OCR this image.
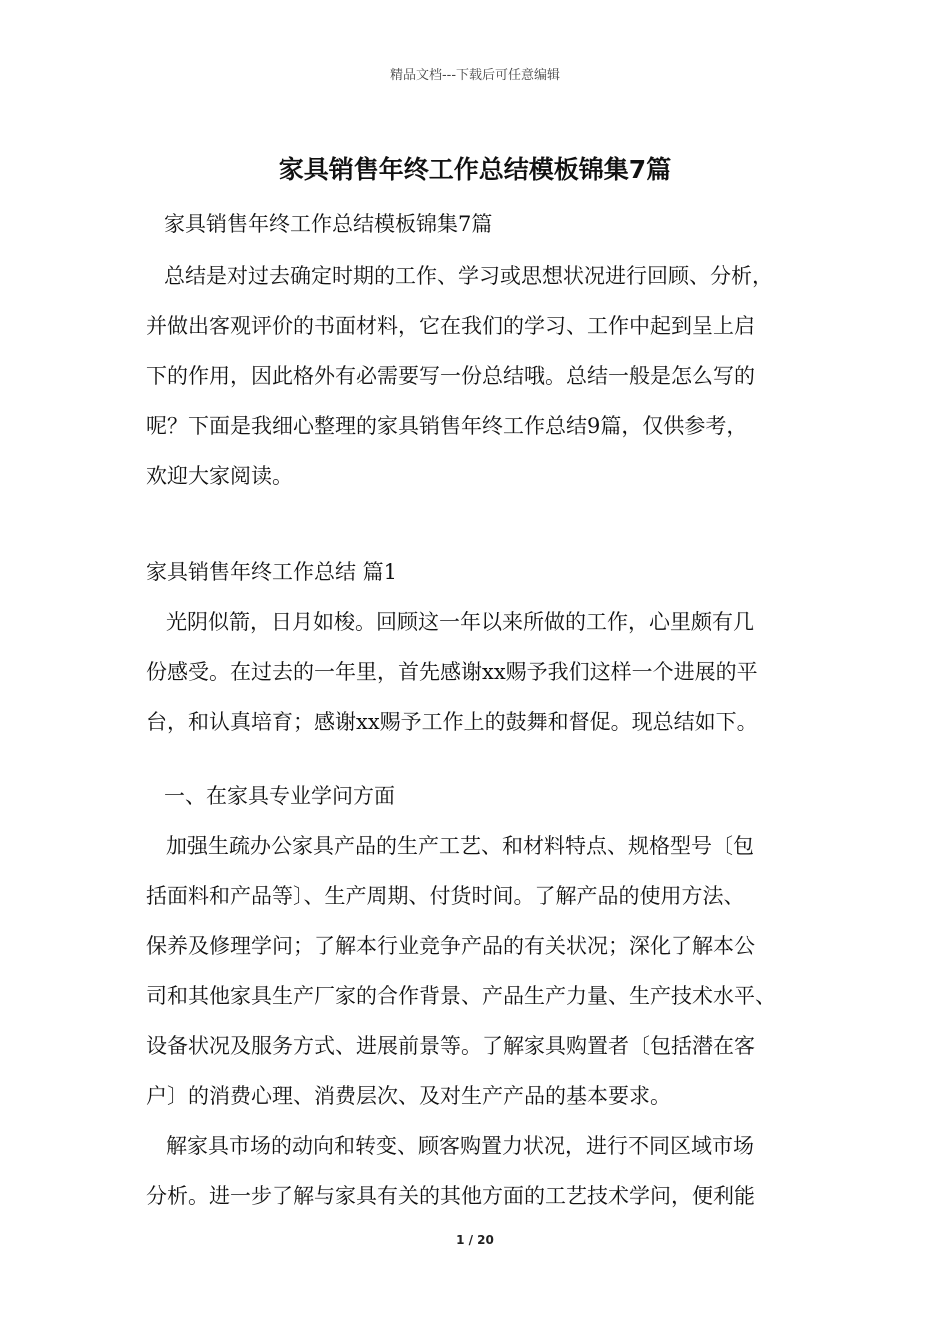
精品文档---下载后可任意编辑
家具销售年终工作总结模板锦集7篇

家具销售年终工作总结模板锦集7篇

总结是对过去确定时期的工作、学习或思想状况进行回顾、分析，

并做出客观评价的书面材料，它在我们的学习、工作中起到呈上启

下的作用，因此格外有必需要写一份总结哦。总结一般是怎么写的

呢？下面是我细心整理的家具销售年终工作总结9篇，仅供参考，

欢迎大家阅读。

家具销售年终工作总结 篇1

光阴似箭，日月如梭。回顾这一年以来所做的工作，心里颇有几

份感受。在过去的一年里，首先感谢xx赐予我们这样一个进展的平

台，和认真培育；感谢xx赐予工作上的鼓舞和督促。现总结如下。

一、在家具专业学问方面

加强生疏办公家具产品的生产工艺、和材料特点、规格型号〔包

括面料和产品等〕、生产周期、付货时间。了解产品的使用方法、

保养及修理学问；了解本行业竞争产品的有关状况；深化了解本公

司和其他家具生产厂家的合作背景、产品生产力量、生产技术水平、

设备状况及服务方式、进展前景等。了解家具购置者〔包括潜在客

户〕的消费心理、消费层次、及对生产产品的基本要求。

解家具市场的动向和转变、顾客购置力状况，进行不同区域市场

分析。进一步了解与家具有关的其他方面的工艺技术学问，便利能

1 / 20
